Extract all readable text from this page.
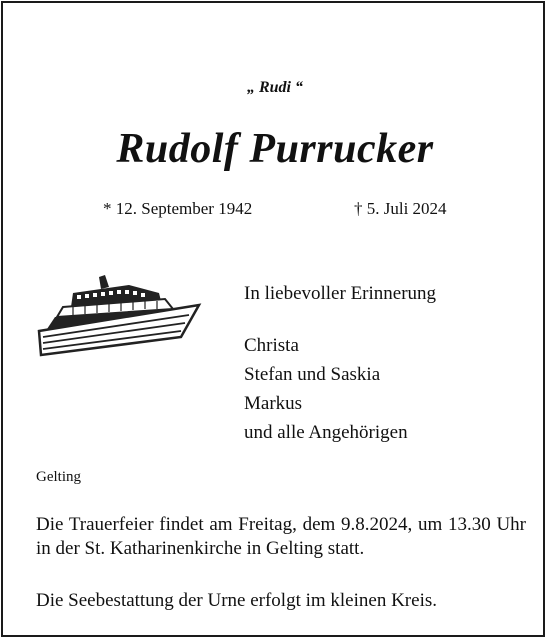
„ Rudi “
Rudolf Purrucker
* 12. September 1942	† 5. Juli 2024
In liebevoller Erinnerung
Christa
Stefan und Saskia
Markus
und alle Angehörigen
Gelting
Die Trauerfeier findet am Freitag, dem 9.8.2024, um 13.30 Uhr in der St. Katharinenkirche in Gelting statt.
Die Seebestattung der Urne erfolgt im kleinen Kreis.
